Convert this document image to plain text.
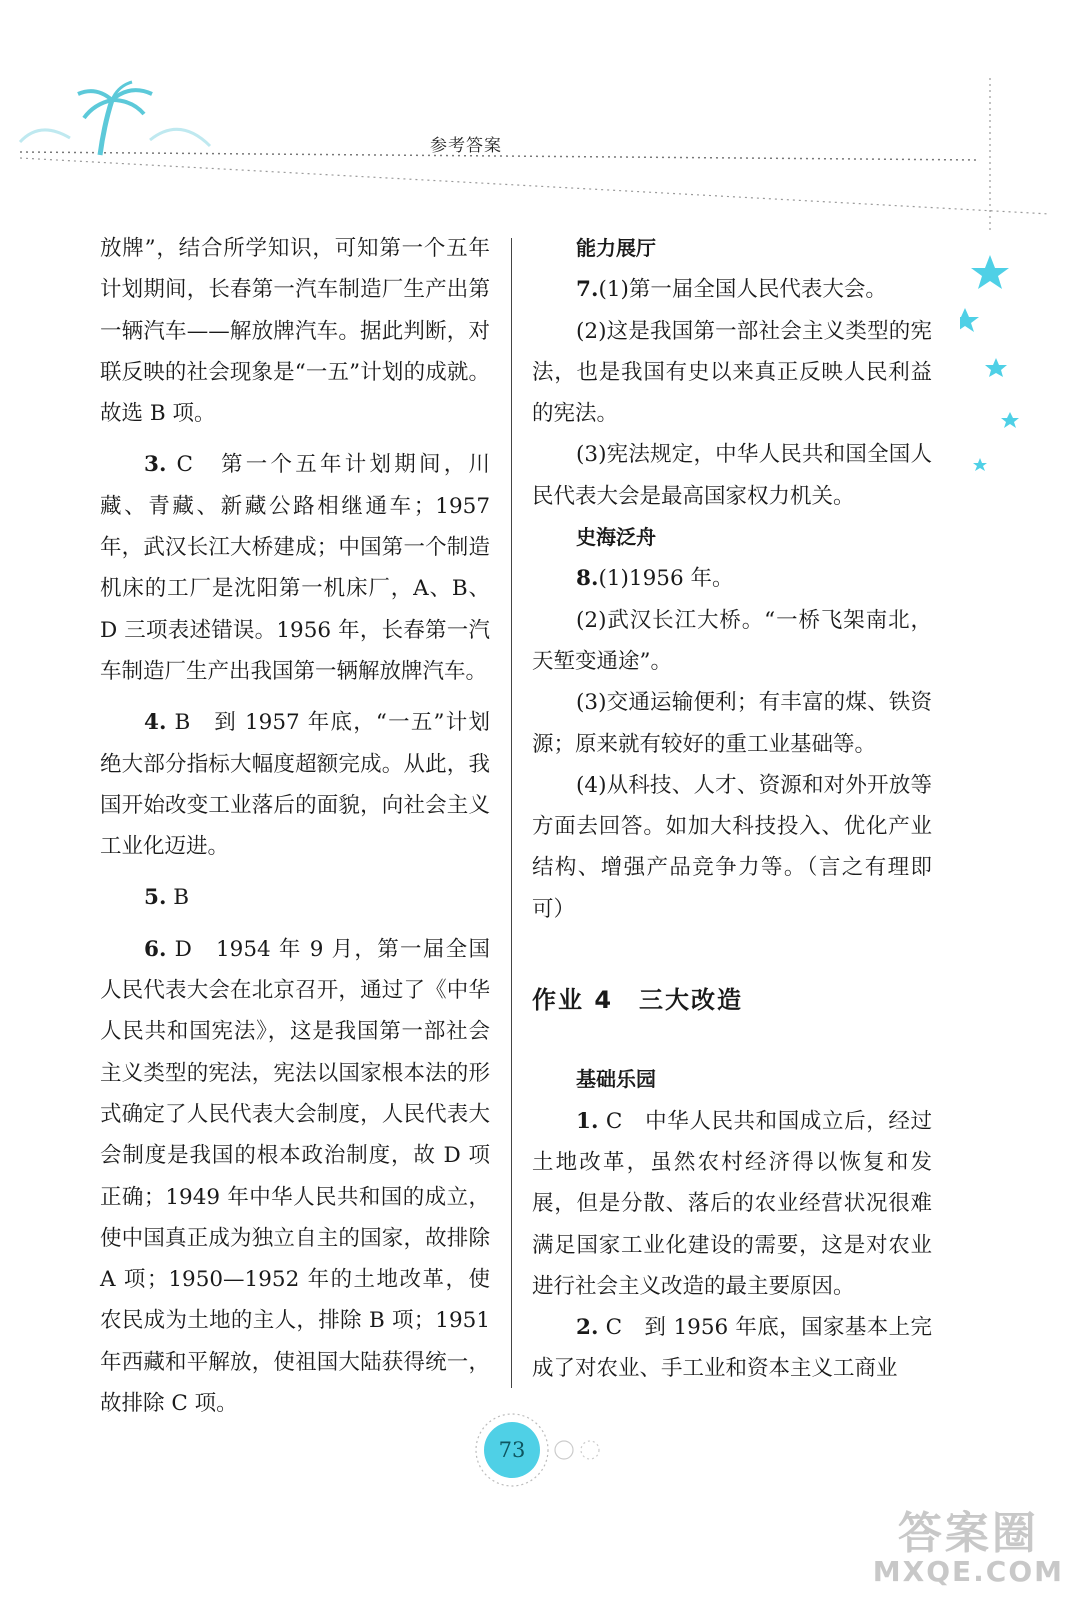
参考答案

放牌”，结合所学知识，可知第一个五年计划期间，长春第一汽车制造厂生产出第一辆汽车——解放牌汽车。据此判断，对联反映的社会现象是“一五”计划的成就。故选 B 项。

3. C　第一个五年计划期间，川藏、青藏、新藏公路相继通车；1957 年，武汉长江大桥建成；中国第一个制造机床的工厂是沈阳第一机床厂，A、B、D 三项表述错误。1956 年，长春第一汽车制造厂生产出我国第一辆解放牌汽车。

4. B　到 1957 年底，“一五”计划绝大部分指标大幅度超额完成。从此，我国开始改变工业落后的面貌，向社会主义工业化迈进。

5. B

6. D　1954 年 9 月，第一届全国人民代表大会在北京召开，通过了《中华人民共和国宪法》，这是我国第一部社会主义类型的宪法，宪法以国家根本法的形式确定了人民代表大会制度，人民代表大会制度是我国的根本政治制度，故 D 项正确；1949 年中华人民共和国的成立，使中国真正成为独立自主的国家，故排除 A 项；1950—1952 年的土地改革，使农民成为土地的主人，排除 B 项；1951 年西藏和平解放，使祖国大陆获得统一，故排除 C 项。

能力展厅

7.(1)第一届全国人民代表大会。

(2)这是我国第一部社会主义类型的宪法，也是我国有史以来真正反映人民利益的宪法。

(3)宪法规定，中华人民共和国全国人民代表大会是最高国家权力机关。

史海泛舟

8.(1)1956 年。

(2)武汉长江大桥。“一桥飞架南北，天堑变通途”。

(3)交通运输便利；有丰富的煤、铁资源；原来就有较好的重工业基础等。

(4)从科技、人才、资源和对外开放等方面去回答。如加大科技投入、优化产业结构、增强产品竞争力等。（言之有理即可）

作业 4　三大改造

基础乐园

1. C　中华人民共和国成立后，经过土地改革，虽然农村经济得以恢复和发展，但是分散、落后的农业经营状况很难满足国家工业化建设的需要，这是对农业进行社会主义改造的最主要原因。

2. C　到 1956 年底，国家基本上完成了对农业、手工业和资本主义工商业

73
答案圈
MXQE.COM
